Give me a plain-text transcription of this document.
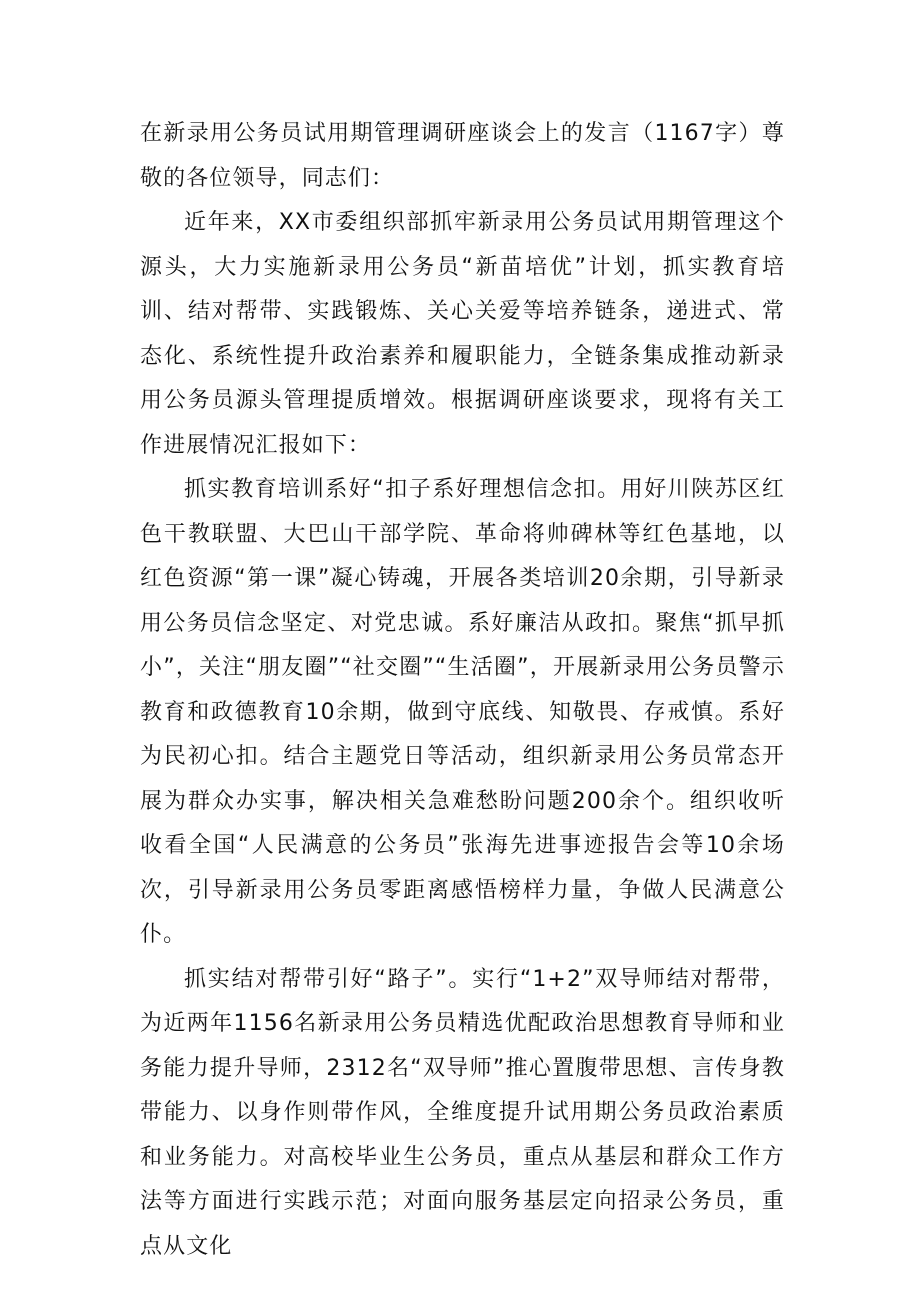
在新录用公务员试用期管理调研座谈会上的发言（1167字）尊敬的各位领导，同志们：

近年来，XX市委组织部抓牢新录用公务员试用期管理这个源头，大力实施新录用公务员“新苗培优”计划，抓实教育培训、结对帮带、实践锻炼、关心关爱等培养链条，递进式、常态化、系统性提升政治素养和履职能力，全链条集成推动新录用公务员源头管理提质增效。根据调研座谈要求，现将有关工作进展情况汇报如下：

抓实教育培训系好“扣子系好理想信念扣。用好川陕苏区红色干教联盟、大巴山干部学院、革命将帅碑林等红色基地，以红色资源“第一课”凝心铸魂，开展各类培训20余期，引导新录用公务员信念坚定、对党忠诚。系好廉洁从政扣。聚焦“抓早抓小”，关注“朋友圈”“社交圈”“生活圈”，开展新录用公务员警示教育和政德教育10余期，做到守底线、知敬畏、存戒慎。系好为民初心扣。结合主题党日等活动，组织新录用公务员常态开展为群众办实事，解决相关急难愁盼问题200余个。组织收听收看全国“人民满意的公务员”张海先进事迹报告会等10余场次，引导新录用公务员零距离感悟榜样力量，争做人民满意公仆。

抓实结对帮带引好“路子”。实行“1+2”双导师结对帮带，为近两年1156名新录用公务员精选优配政治思想教育导师和业务能力提升导师，2312名“双导师”推心置腹带思想、言传身教带能力、以身作则带作风，全维度提升试用期公务员政治素质和业务能力。对高校毕业生公务员，重点从基层和群众工作方法等方面进行实践示范；对面向服务基层定向招录公务员，重点从文化
